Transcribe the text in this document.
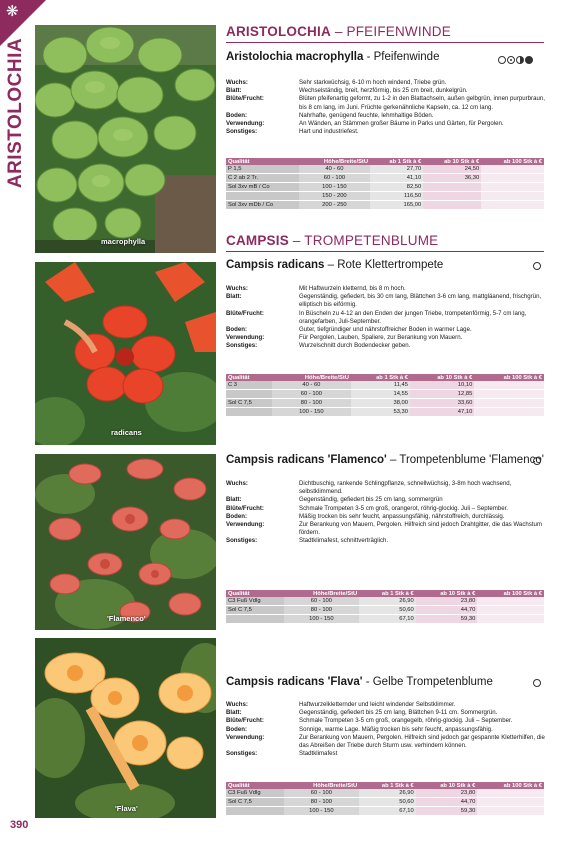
❋
ARISTOLOCHIA
macrophylla
radicans
'Flamenco'
'Flava'
ARISTOLOCHIA – PFEIFENWINDE
Aristolochia macrophylla - Pfeifenwinde
Wuchs:	Sehr starkwüchsig, 6-10 m hoch windend, Triebe grün.
Blatt:	Wechselständig, breit, herzförmig, bis 25 cm breit, dunkelgrün.
Blüte/Frucht:	Blüten pfeifenartig geformt, zu 1-2 in den Blattachseln, außen gelbgrün, innen purpurbraun, bis 8 cm lang, im Juni. Früchte gerkenähnliche Kapseln, ca. 12 cm lang.
Boden:	Nahrhafte, genügend feuchte, lehmhaltige Böden.
Verwendung:	An Wänden, an Stämmen großer Bäume in Parks und Gärten, für Pergolen.
Sonstiges:	Hart und industriefest.
Qualität	Höhe/Breite/StU	ab 1 Stk à €	ab 10 Stk à €	ab 100 Stk à €
P 1,5	40 - 60	27,70	24,50	
C 2 ab 2 Tr.	60 - 100	41,10	36,30	
Sol 3xv mB / Co	100 - 150	82,50		
	150 - 200	116,50		
Sol 3xv mDb / Co	200 - 250	165,00		
CAMPSIS – TROMPETENBLUME
Campsis radicans – Rote Klettertrompete
Wuchs:	Mit Haftwurzeln kletternd, bis 8 m hoch.
Blatt:	Gegenständig, gefiedert, bis 30 cm lang, Blättchen 3-6 cm lang, mattgläanend, frischgrün, elliptisch bis eiförmig.
Blüte/Frucht:	In Büscheln zu 4-12 an den Enden der jungen Triebe, trompetenförmig, 5-7 cm lang, orangefarben, Juli-September.
Boden:	Guter, tiefgründiger und nährstoffreicher Boden in warmer Lage.
Verwendung:	Für Pergolen, Lauben, Spaliere, zur Berankung von Mauern.
Sonstiges:	Wurzelschnitt durch Bodendecker geben.
Qualität	Höhe/Breite/StU	ab 1 Stk à €	ab 10 Stk à €	ab 100 Stk à €
C 3	40 - 60	11,45	10,10	
	60 - 100	14,55	12,85	
Sol C 7,5	80 - 100	38,00	33,60	
	100 - 150	53,30	47,10	
Campsis radicans 'Flamenco' – Trompetenblume 'Flamenco'
Wuchs:	Dichtbuschig, rankende Schlingpflanze, schnellwüchsig, 3-8m hoch wachsend, selbstklimmend.
Blatt:	Gegenständig, gefiedert bis 25 cm lang, sommergrün
Blüte/Frucht:	Schmale Trompeten 3-5 cm groß, orangerot, röhrig-glockig. Juli – September.
Boden:	Mäßig trocken bis sehr feucht, anpassungsfähig, nährstoffreich, durchlässig.
Verwendung:	Zur Berankung von Mauern, Pergolen. Hilfreich sind jedoch Drahtgitter, die das Wachstum fördern.
Sonstiges:	Stadtklimafest, schnittverträglich.
Qualität	Höhe/Breite/StU	ab 1 Stk à €	ab 10 Stk à €	ab 100 Stk à €
C3 Fuß Vdlg	60 - 100	26,90	23,80	
Sol C 7,5	80 - 100	50,60	44,70	
	100 - 150	67,10	59,30	
Campsis radicans 'Flava' - Gelbe Trompetenblume
Wuchs:	Haftwurzelkletternder und leicht windender Selbstklimmer.
Blatt:	Gegenständig, gefiedert bis 25 cm lang, Blättchen 9-11 cm. Sommergrün.
Blüte/Frucht:	Schmale Trompeten 3-5 cm groß, orangegelb, röhrig-glockig. Juli – September.
Boden:	Sonnige, warme Lage. Mäßig trocken bis sehr feucht, anpassungsfähig.
Verwendung:	Zur Berankung von Mauern, Pergolen. Hilfreich sind jedoch gar gespannte Kletterhilfen, die das Abreißen der Triebe durch Sturm usw. verhindern können.
Sonstiges:	Stadtklimafest
Qualität	Höhe/Breite/StU	ab 1 Stk à €	ab 10 Stk à €	ab 100 Stk à €
C3 Fuß Vdlg	60 - 100	26,90	23,80	
Sol C 7,5	80 - 100	50,60	44,70	
	100 - 150	67,10	59,30	
390
